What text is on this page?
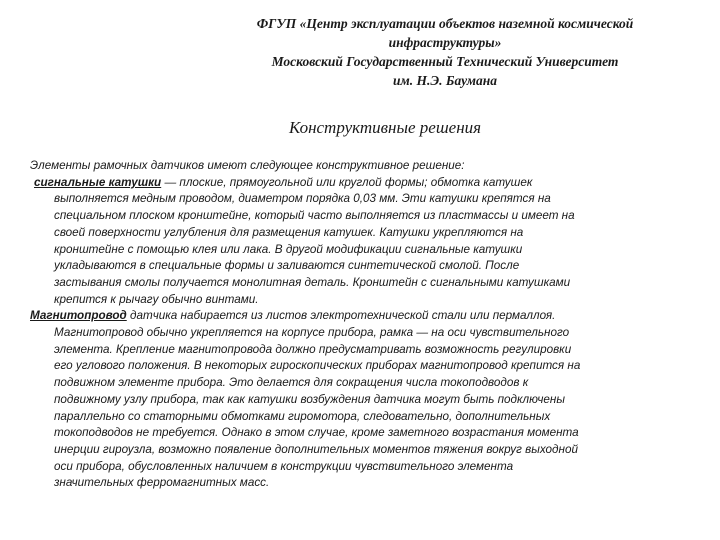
ФГУП «Центр эксплуатации объектов наземной космической
инфраструктуры»
Московский Государственный Технический Университет
им. Н.Э. Баумана
Конструктивные решения
Элементы рамочных датчиков имеют следующее конструктивное решение:
сигнальные катушки — плоские, прямоугольной или круглой формы; обмотка катушек
выполняется медным проводом, диаметром порядка 0,03 мм. Эти катушки крепятся на
специальном плоском кронштейне, который часто выполняется из пластмассы и имеет на
своей поверхности углубления для размещения катушек. Катушки укрепляются на
кронштейне с помощью клея или лака. В другой модификации сигнальные катушки
укладываются в специальные формы и заливаются синтетической смолой. После
застывания смолы получается монолитная деталь. Кронштейн с сигнальными катушками
крепится к рычагу обычно винтами.
Магнитопровод датчика набирается из листов электротехнической стали или пермаллоя.
Магнитопровод обычно укрепляется на корпусе прибора, рамка — на оси чувствительного
элемента. Крепление магнитопровода должно предусматривать возможность регулировки
его углового положения. В некоторых гироскопических приборах магнитопровод крепится на
подвижном элементе прибора. Это делается для сокращения числа токоподводов к
подвижному узлу прибора, так как катушки возбуждения датчика могут быть подключены
параллельно со статорными обмотками гиромотора, следовательно, дополнительных
токоподводов не требуется. Однако в этом случае, кроме заметного возрастания момента
инерции гироузла, возможно появление дополнительных моментов тяжения вокруг выходной
оси прибора, обусловленных наличием в конструкции чувствительного элемента
значительных ферромагнитных масс.
